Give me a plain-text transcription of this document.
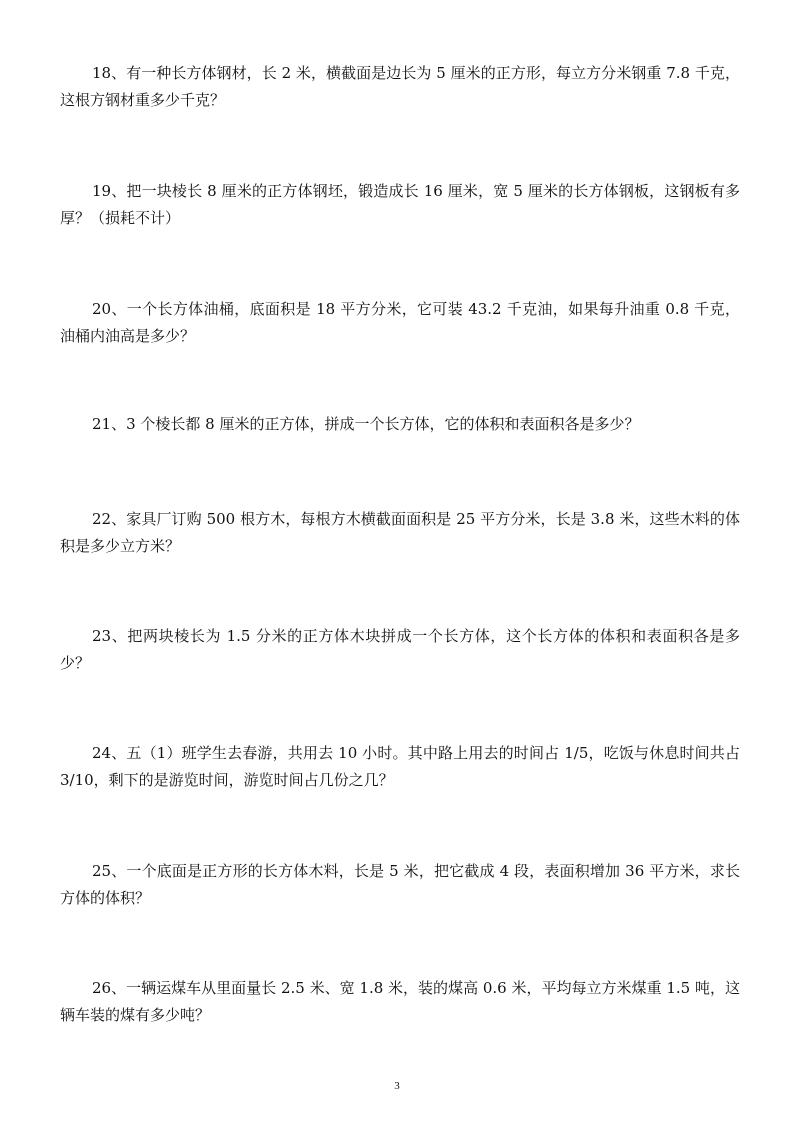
18、有一种长方体钢材，长 2 米，横截面是边长为 5 厘米的正方形，每立方分米钢重 7.8 千克，这根方钢材重多少千克？

19、把一块棱长 8 厘米的正方体钢坯，锻造成长 16 厘米，宽 5 厘米的长方体钢板，这钢板有多厚？（损耗不计）

20、一个长方体油桶，底面积是 18 平方分米，它可装 43.2 千克油，如果每升油重 0.8 千克，油桶内油高是多少？

21、3 个棱长都 8 厘米的正方体，拼成一个长方体，它的体积和表面积各是多少？

22、家具厂订购 500 根方木，每根方木横截面面积是 25 平方分米，长是 3.8 米，这些木料的体积是多少立方米？

23、把两块棱长为 1.5 分米的正方体木块拼成一个长方体，这个长方体的体积和表面积各是多少？

24、五（1）班学生去春游，共用去 10 小时。其中路上用去的时间占 1/5，吃饭与休息时间共占 3/10，剩下的是游览时间，游览时间占几份之几？

25、一个底面是正方形的长方体木料，长是 5 米，把它截成 4 段，表面积增加 36 平方米，求长方体的体积？

26、一辆运煤车从里面量长 2.5 米、宽 1.8 米，装的煤高 0.6 米，平均每立方米煤重 1.5 吨，这辆车装的煤有多少吨？

3
